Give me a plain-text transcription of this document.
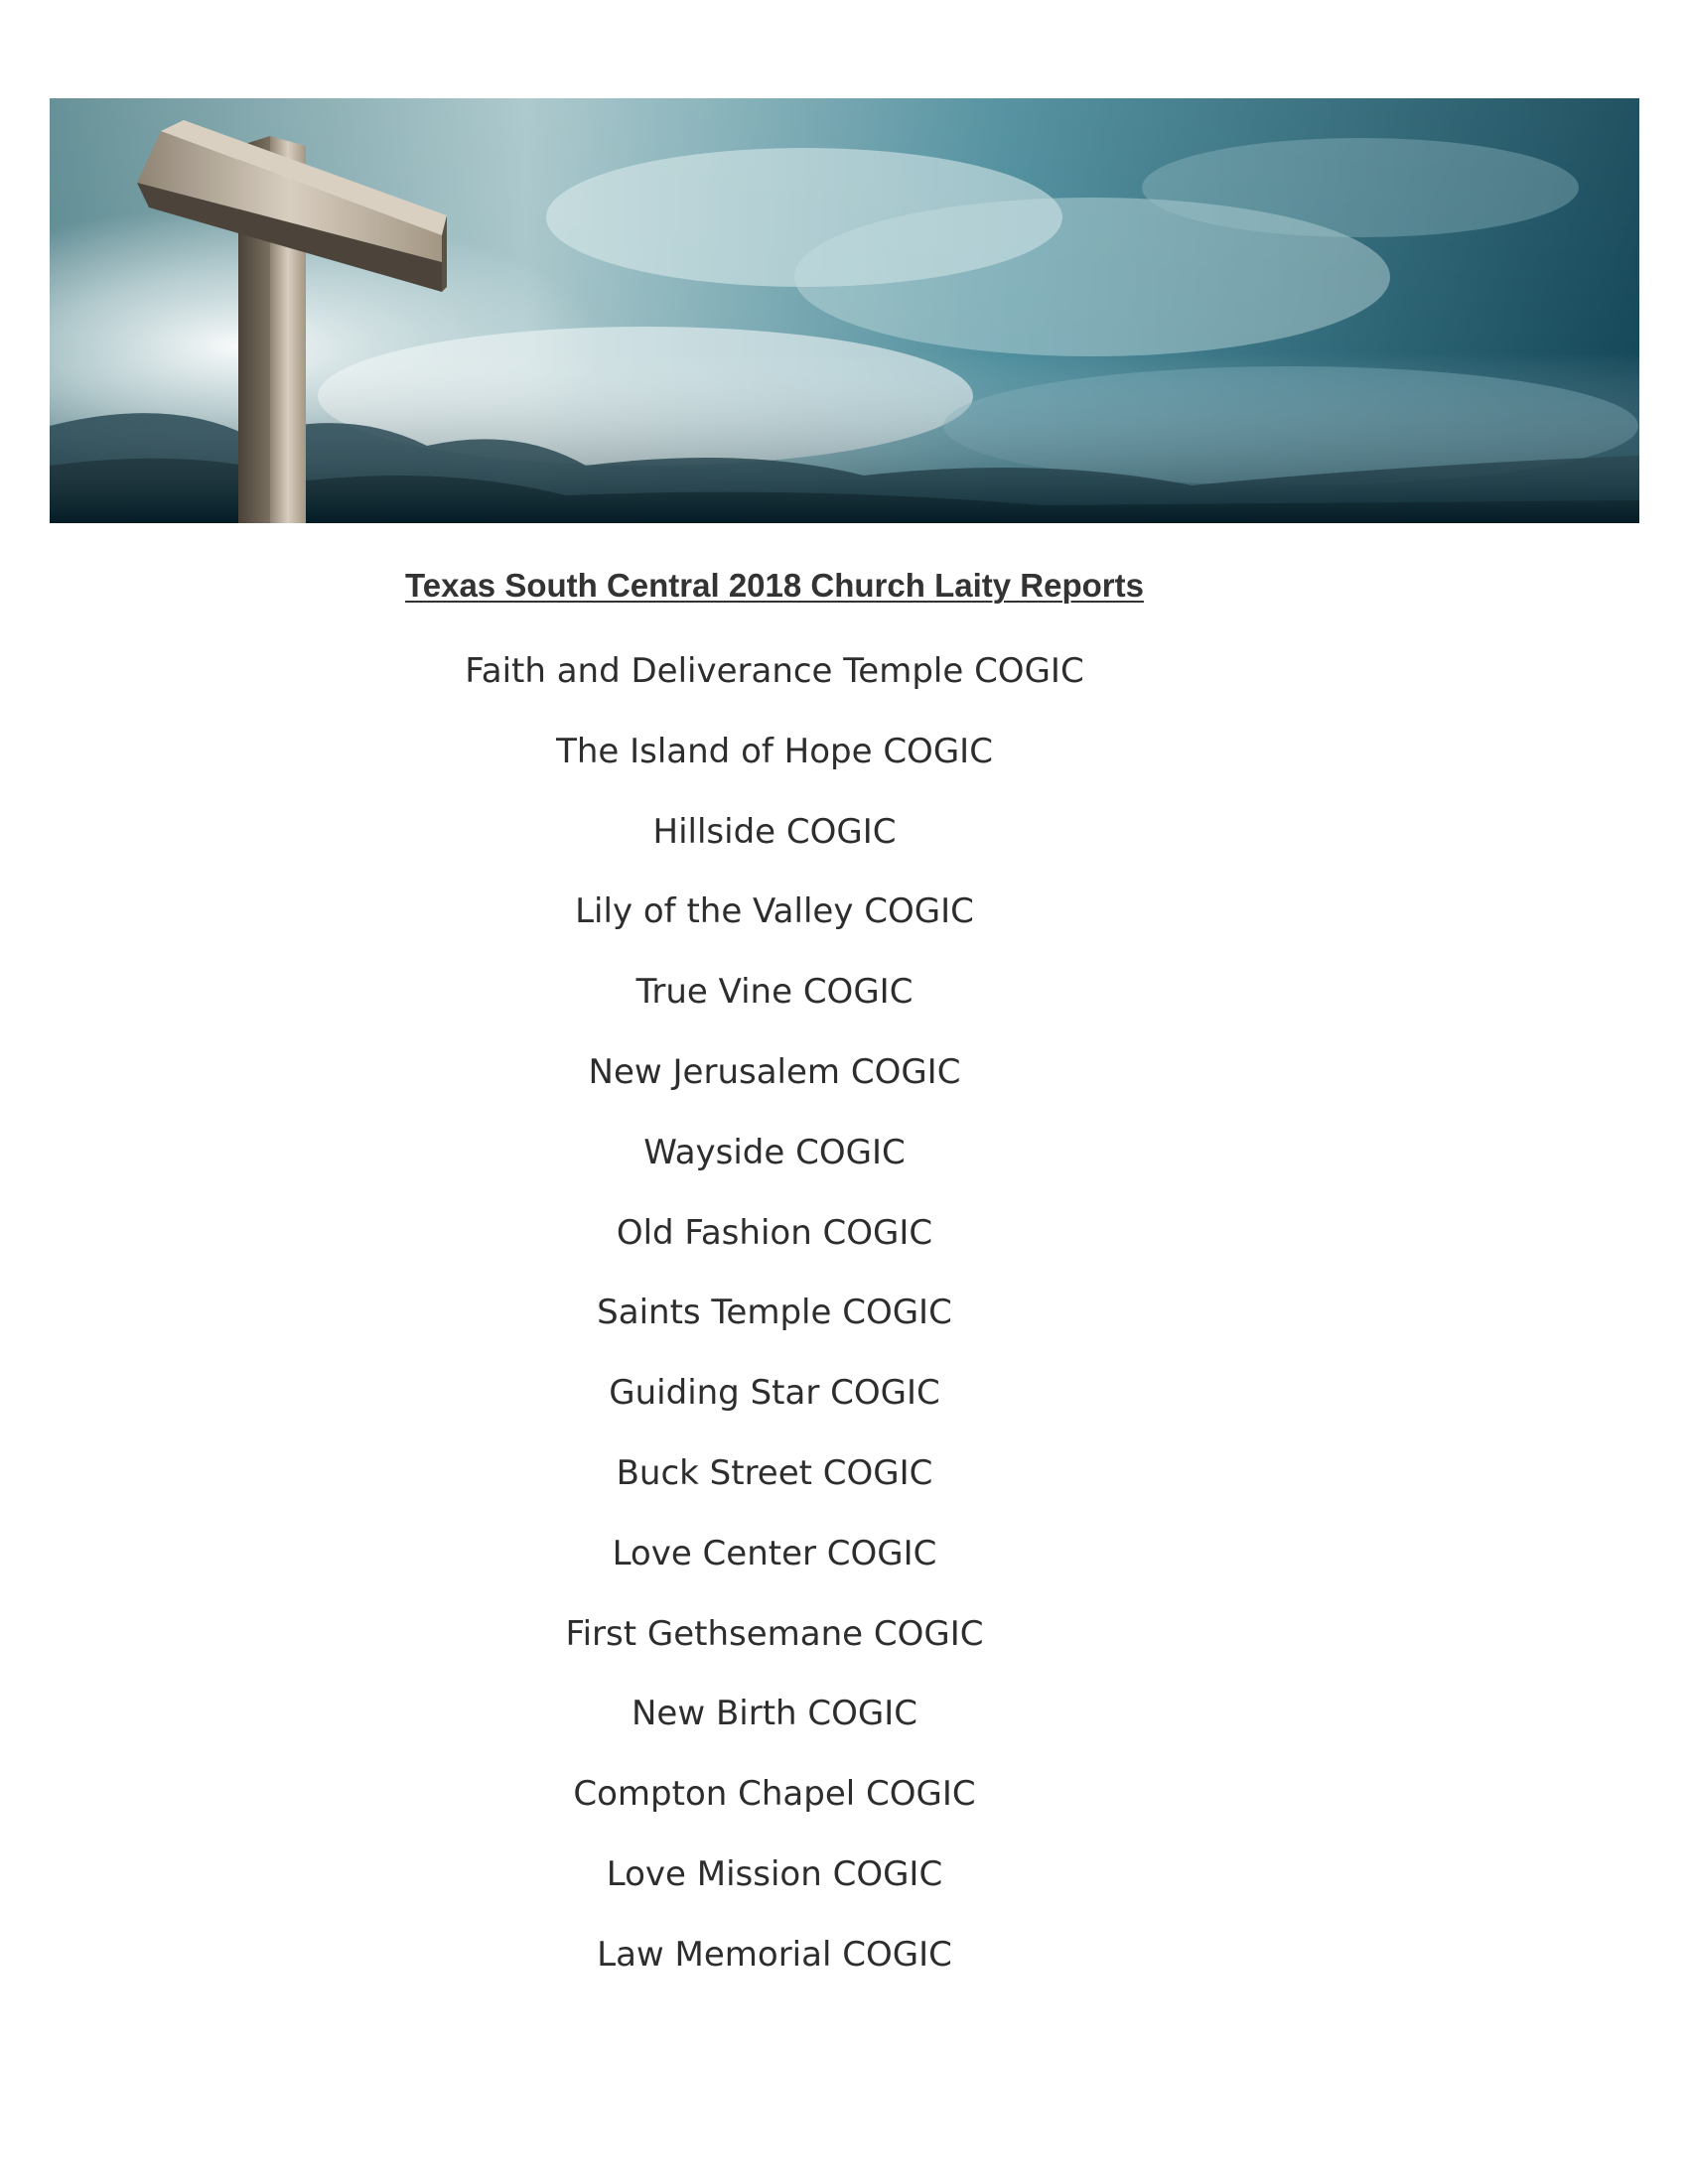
Texas South Central 2018 Church Laity Reports
Faith and Deliverance Temple COGIC
The Island of Hope COGIC
Hillside COGIC
Lily of the Valley COGIC
True Vine COGIC
New Jerusalem COGIC
Wayside COGIC
Old Fashion COGIC
Saints Temple COGIC
Guiding Star COGIC
Buck Street COGIC
Love Center COGIC
First Gethsemane COGIC
New Birth COGIC
Compton Chapel COGIC
Love Mission COGIC
Law Memorial COGIC
